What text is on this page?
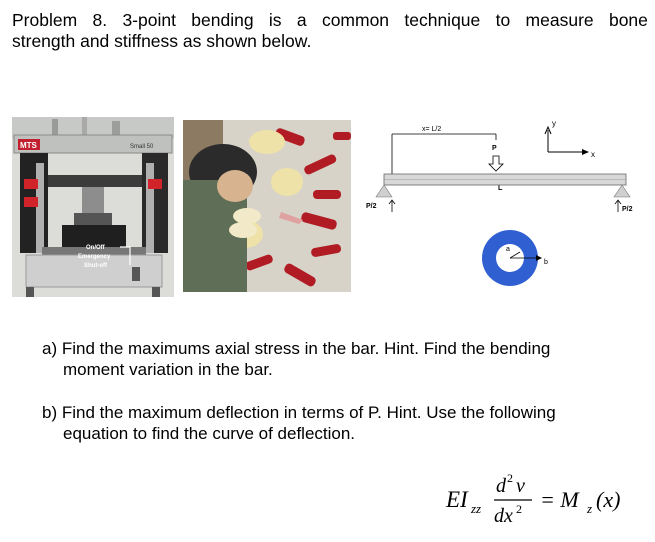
Problem 8. 3-point bending is a common technique to measure bone
strength and stiffness as shown below.
MTS	Small 50
On/Off
Emergency
Shut-off
x= L/2
P
y
x
L
P/2	P/2
a
b
a) Find the maximums axial stress in the bar. Hint. Find the bending
moment variation in the bar.
b) Find the maximum deflection in terms of P. Hint. Use the following
equation to find the curve of deflection.
EI zz
d 2 v
dx 2 = M z (x)
